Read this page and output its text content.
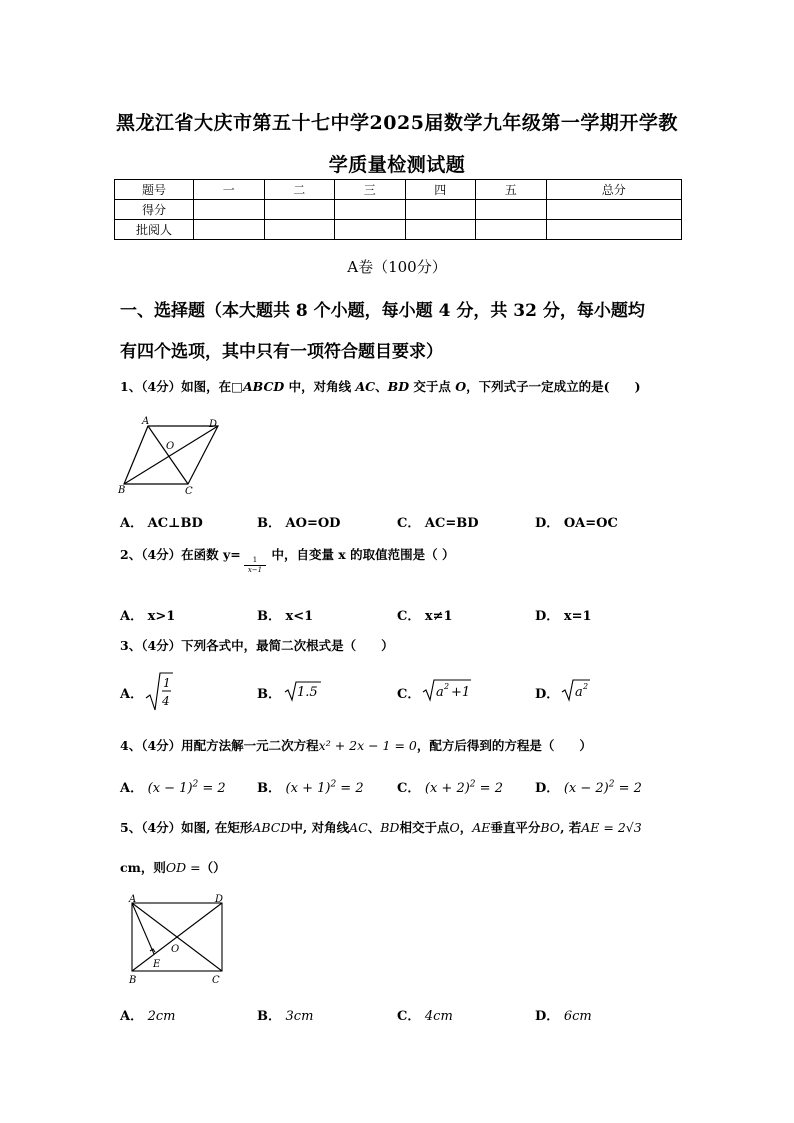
黑龙江省大庆市第五十七中学2025届数学九年级第一学期开学教
学质量检测试题
题号	一	二	三	四	五	总分
得分						
批阅人						
A卷（100分）
一、选择题（本大题共 8 个小题，每小题 4 分，共 32 分，每小题均
有四个选项，其中只有一项符合题目要求）
1、（4分）如图，在□ABCD 中，对角线 AC、BD 交于点 O，下列式子一定成立的是(　　)
A	D
O
B	C
A． AC⊥BD	B． AO=OD	C． AC=BD	D． OA=OC
2、（4分）在函数 y= 中，自变量 x 的取值范围是（ ）
$\frac{1}{x-1}$
A． x>1	B． x<1	C． x≠1	D． x=1
3、（4分）下列各式中，最简二次根式是（　　）
A．
1
4	B． 1.5	C． a 2 +1	D． a 2
4、（4分）用配方法解一元二次方程x² + 2x − 1 = 0，配方后得到的方程是（　　）
A． $(x - 1)^2 = 2$ B． $(x + 1)^2 = 2$	C． $(x + 2)^2 = 2$ D． $(x - 2)^2 = 2$
5、（4分）如图, 在矩形ABCD中, 对角线AC、BD相交于点O，AE垂直平分BO, 若AE = 2√3
cm，则OD =（）
A	D
O
E
B	C
A． 2cm	B． 3cm	C． 4cm	D． 6cm
